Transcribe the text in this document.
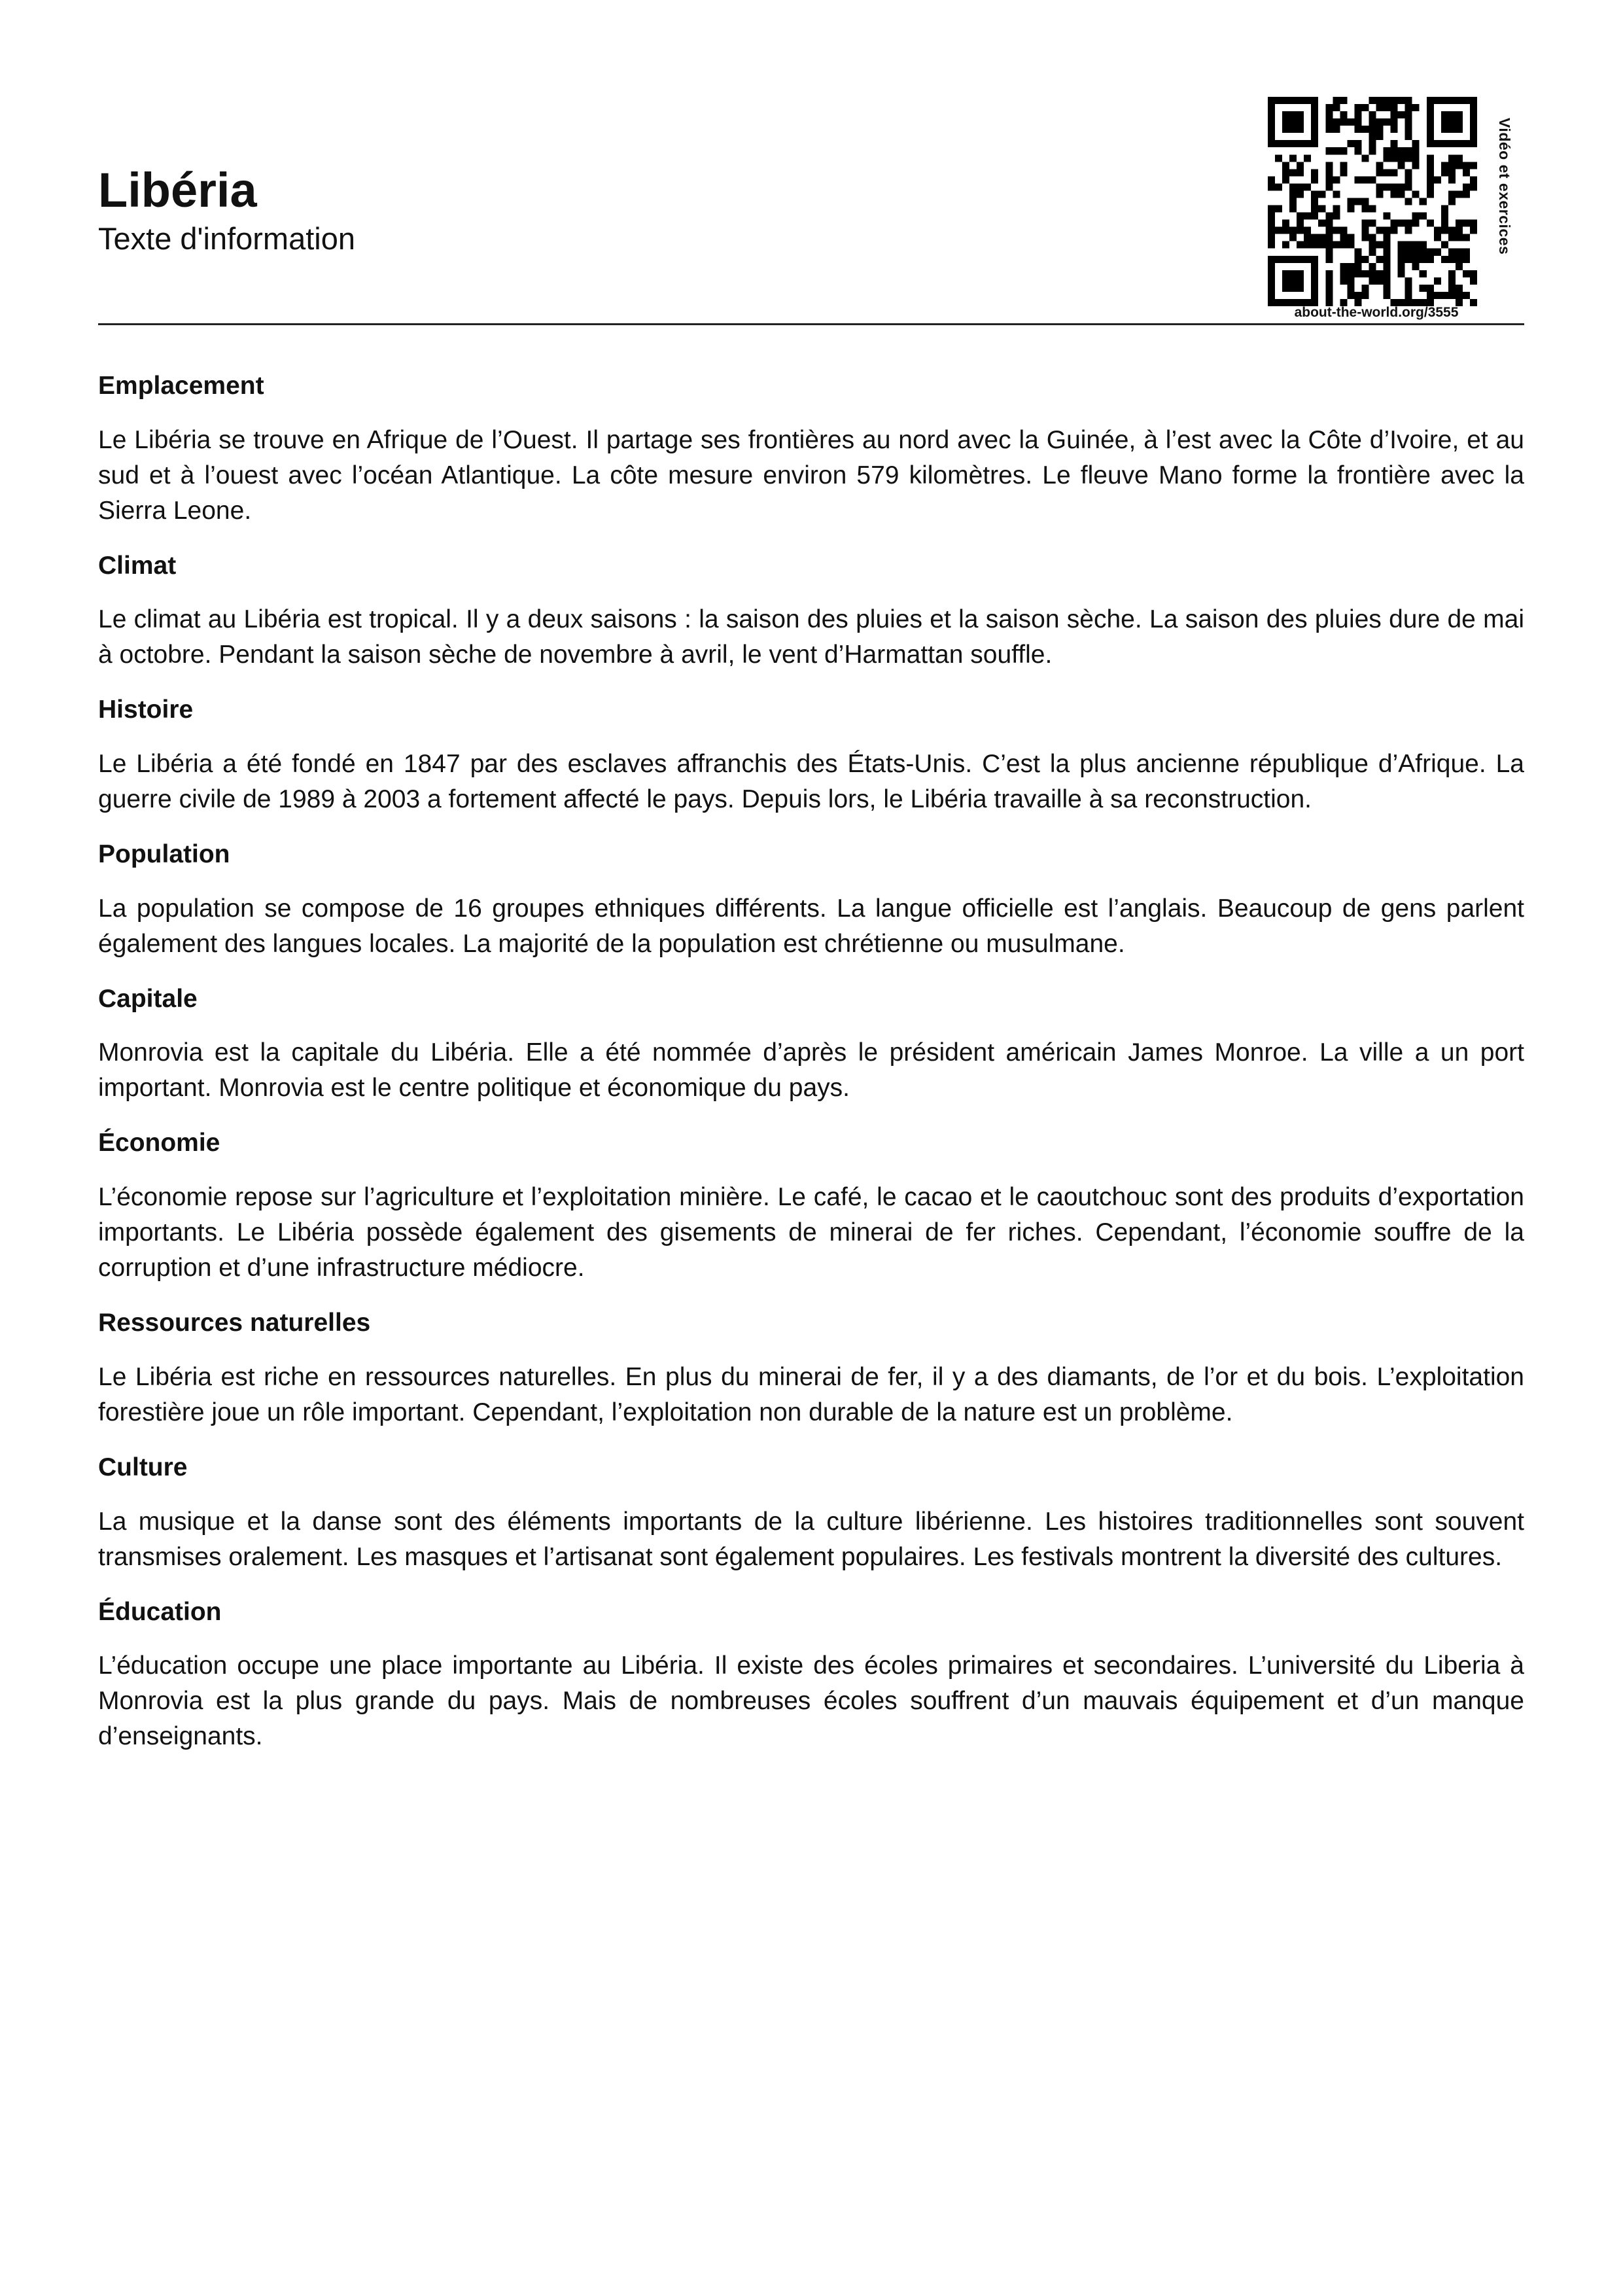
Libéria

Texte d'information	Vidéo et exercices
about-the-world.org/3555
Emplacement

Le Libéria se trouve en Afrique de l’Ouest. Il partage ses frontières au nord avec la Guinée, à l’est avec la Côte d’Ivoire, et au sud et à l’ouest avec l’océan Atlantique. La côte mesure environ 579 kilomètres. Le fleuve Mano forme la frontière avec la Sierra Leone.

Climat

Le climat au Libéria est tropical. Il y a deux saisons : la saison des pluies et la saison sèche. La saison des pluies dure de mai à octobre. Pendant la saison sèche de novembre à avril, le vent d’Harmattan souffle.

Histoire

Le Libéria a été fondé en 1847 par des esclaves affranchis des États-Unis. C’est la plus ancienne république d’Afrique. La guerre civile de 1989 à 2003 a fortement affecté le pays. Depuis lors, le Libéria travaille à sa reconstruction.

Population

La population se compose de 16 groupes ethniques différents. La langue officielle est l’anglais. Beaucoup de gens parlent également des langues locales. La majorité de la population est chrétienne ou musulmane.

Capitale

Monrovia est la capitale du Libéria. Elle a été nommée d’après le président américain James Monroe. La ville a un port important. Monrovia est le centre politique et économique du pays.

Économie

L’économie repose sur l’agriculture et l’exploitation minière. Le café, le cacao et le caoutchouc sont des produits d’exportation importants. Le Libéria possède également des gisements de minerai de fer riches. Cependant, l’économie souffre de la corruption et d’une infrastructure médiocre.

Ressources naturelles

Le Libéria est riche en ressources naturelles. En plus du minerai de fer, il y a des diamants, de l’or et du bois. L’exploitation forestière joue un rôle important. Cependant, l’exploitation non durable de la nature est un problème.

Culture

La musique et la danse sont des éléments importants de la culture libérienne. Les histoires traditionnelles sont souvent transmises oralement. Les masques et l’artisanat sont également populaires. Les festivals montrent la diversité des cultures.

Éducation

L’éducation occupe une place importante au Libéria. Il existe des écoles primaires et secondaires. L’université du Liberia à Monrovia est la plus grande du pays. Mais de nombreuses écoles souffrent d’un mauvais équipement et d’un manque d’enseignants.
